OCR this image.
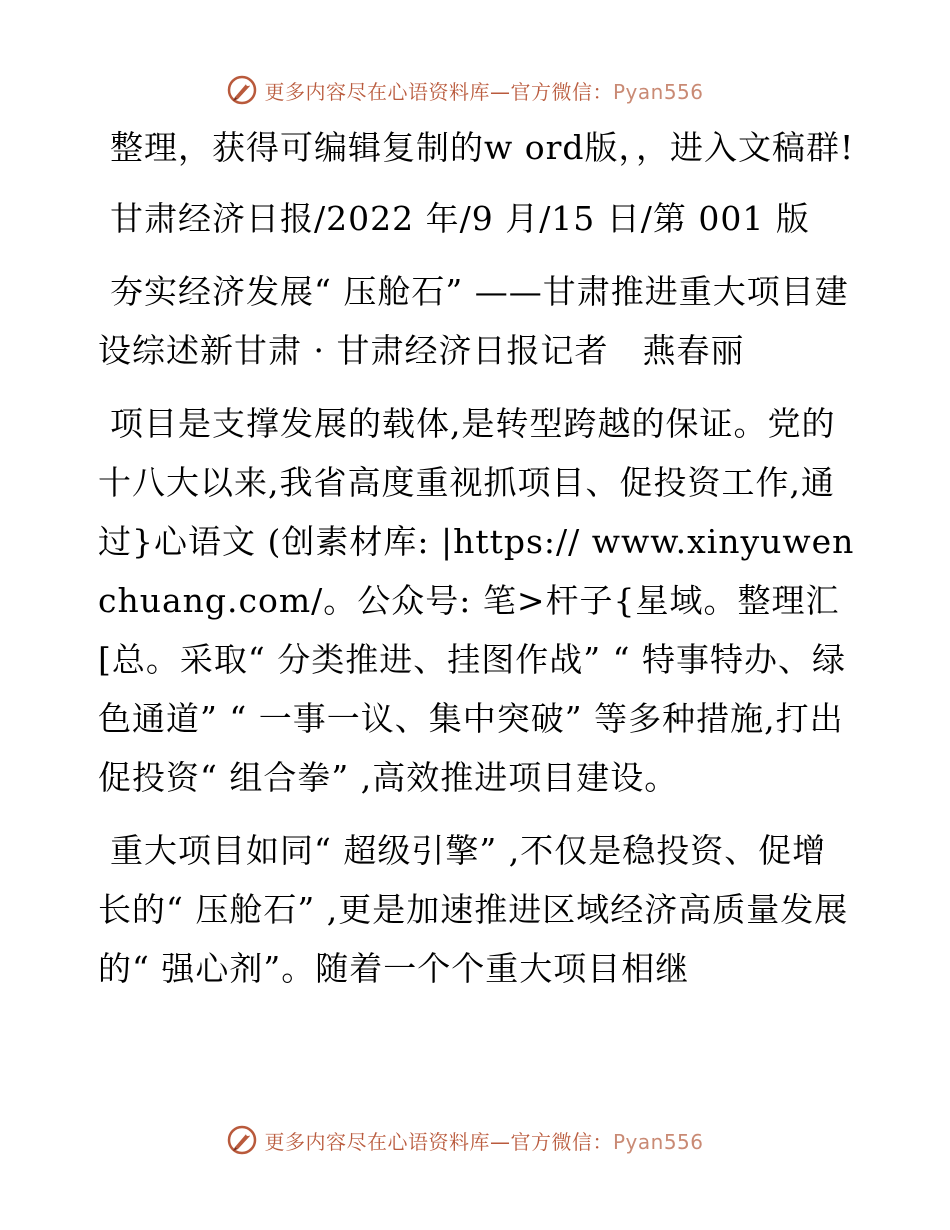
更多内容尽在心语资料库—官方微信：Pyan556

整理，获得可编辑复制的w ord版，，进入文稿群!

甘肃经济日报/2022 年/9 月/15 日/第 001 版

夯实经济发展“ 压舱石” ——甘肃推进重大项目建设综述新甘肃 · 甘肃经济日报记者　燕春丽

项目是支撑发展的载体,是转型跨越的保证。党的十八大以来,我省高度重视抓项目、促投资工作,通过}心语文 (创素材库: |https:// www.xinyuwenchuang.com/。公众号: 笔>杆子{星域。整理汇[总。采取“ 分类推进、挂图作战” “ 特事特办、绿色通道” “ 一事一议、集中突破” 等多种措施,打出促投资“ 组合拳” ,高效推进项目建设。

重大项目如同“ 超级引擎” ,不仅是稳投资、促增长的“ 压舱石” ,更是加速推进区域经济高质量发展的“ 强心剂”。随着一个个重大项目相继

更多内容尽在心语资料库—官方微信：Pyan556
